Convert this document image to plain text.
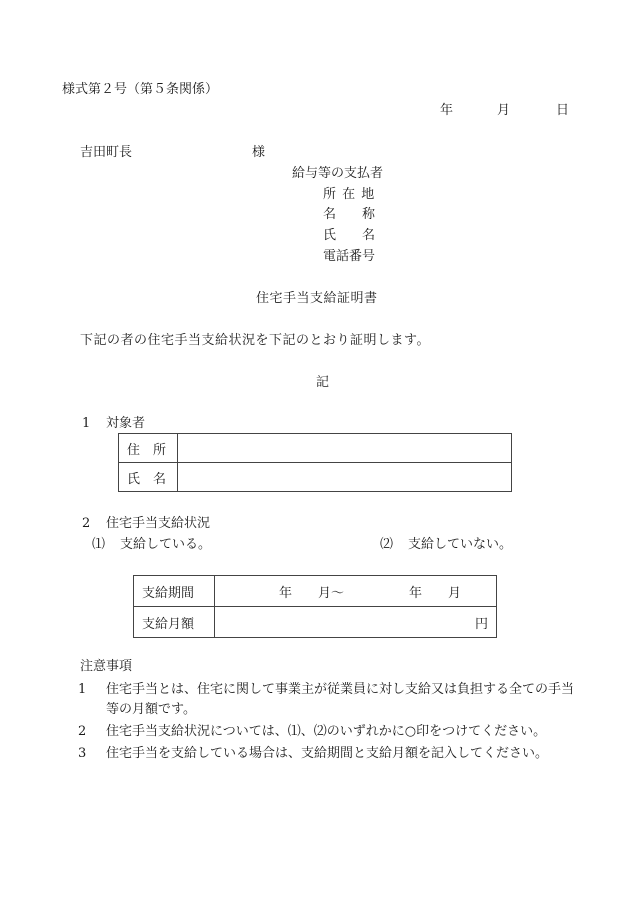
様式第２号（第５条関係）
年	月	日
吉田町長	様
給与等の支払者
所 在 地
名　　称
氏　　名
電話番号
住宅手当支給証明書
下記の者の住宅手当支給状況を下記のとおり証明します。
記
1 対象者
住　所	
氏　名	
2 住宅手当支給状況
⑴ 支給している。	⑵ 支給していない。
支給期間	年　　月～　　　　　年　　月
支給月額	円
注意事項
1 住宅手当とは、住宅に関して事業主が従業員に対し支給又は負担する全ての手当等の月額です。
2 住宅手当支給状況については、⑴、⑵のいずれかに○印をつけてください。
3 住宅手当を支給している場合は、支給期間と支給月額を記入してください。
